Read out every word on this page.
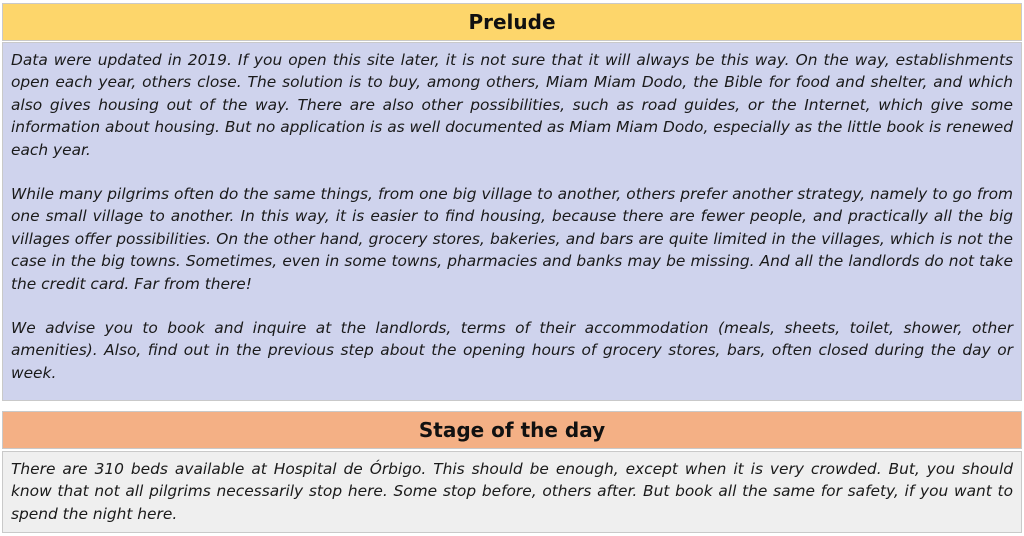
Prelude

Data were updated in 2019. If you open this site later, it is not sure that it will always be this way. On the way, establishments open each year, others close. The solution is to buy, among others, Miam Miam Dodo, the Bible for food and shelter, and which also gives housing out of the way. There are also other possibilities, such as road guides, or the Internet, which give some information about housing. But no application is as well documented as Miam Miam Dodo, especially as the little book is renewed each year.

While many pilgrims often do the same things, from one big village to another, others prefer another strategy, namely to go from one small village to another. In this way, it is easier to find housing, because there are fewer people, and practically all the big villages offer possibilities. On the other hand, grocery stores, bakeries, and bars are quite limited in the villages, which is not the case in the big towns. Sometimes, even in some towns, pharmacies and banks may be missing. And all the landlords do not take the credit card. Far from there!

We advise you to book and inquire at the landlords, terms of their accommodation (meals, sheets, toilet, shower, other amenities). Also, find out in the previous step about the opening hours of grocery stores, bars, often closed during the day or week.

Stage of the day

There are 310 beds available at Hospital de Órbigo. This should be enough, except when it is very crowded. But, you should know that not all pilgrims necessarily stop here. Some stop before, others after. But book all the same for safety, if you want to spend the night here.
